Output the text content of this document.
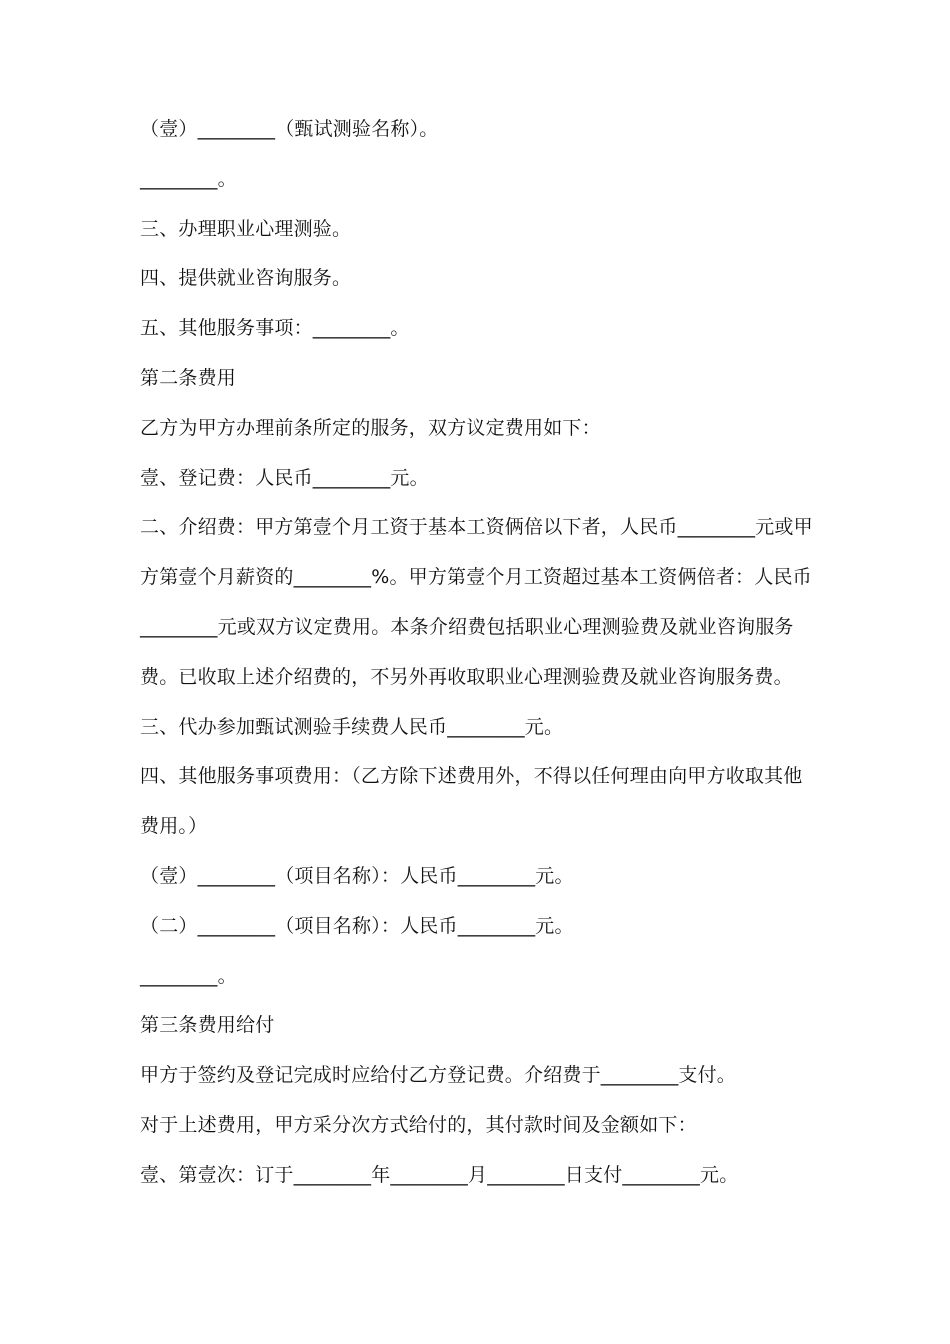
（壹）________（甄试测验名称）。

________。

三、办理职业心理测验。

四、提供就业咨询服务。

五、其他服务事项：________。

第二条费用

乙方为甲方办理前条所定的服务，双方议定费用如下：

壹、登记费：人民币________元。

二、介绍费：甲方第壹个月工资于基本工资俩倍以下者，人民币________元或甲

方第壹个月薪资的________%。甲方第壹个月工资超过基本工资俩倍者：人民币

________元或双方议定费用。本条介绍费包括职业心理测验费及就业咨询服务

费。已收取上述介绍费的，不另外再收取职业心理测验费及就业咨询服务费。

三、代办参加甄试测验手续费人民币________元。

四、其他服务事项费用：（乙方除下述费用外，不得以任何理由向甲方收取其他

费用。）

（壹）________（项目名称）：人民币________元。

（二）________（项目名称）：人民币________元。

________。

第三条费用给付

甲方于签约及登记完成时应给付乙方登记费。介绍费于________支付。

对于上述费用，甲方采分次方式给付的，其付款时间及金额如下：

壹、第壹次：订于________年________月________日支付________元。
